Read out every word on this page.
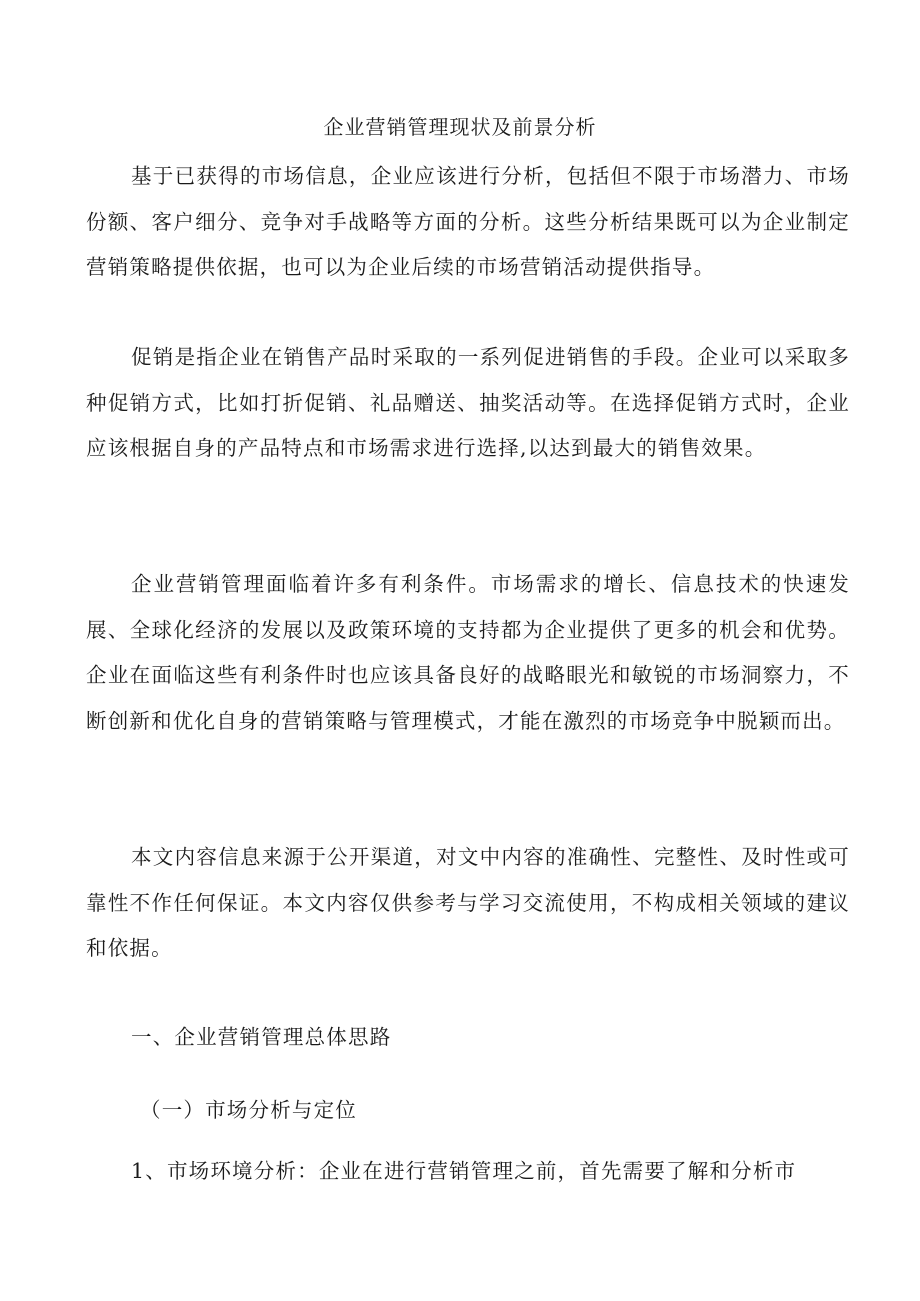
企业营销管理现状及前景分析

基于已获得的市场信息，企业应该进行分析，包括但不限于市场潜力、市场份额、客户细分、竞争对手战略等方面的分析。这些分析结果既可以为企业制定营销策略提供依据，也可以为企业后续的市场营销活动提供指导。

促销是指企业在销售产品时采取的一系列促进销售的手段。企业可以采取多种促销方式，比如打折促销、礼品赠送、抽奖活动等。在选择促销方式时，企业应该根据自身的产品特点和市场需求进行选择,以达到最大的销售效果。

企业营销管理面临着许多有利条件。市场需求的增长、信息技术的快速发展、全球化经济的发展以及政策环境的支持都为企业提供了更多的机会和优势。企业在面临这些有利条件时也应该具备良好的战略眼光和敏锐的市场洞察力，不断创新和优化自身的营销策略与管理模式，才能在激烈的市场竞争中脱颖而出。

本文内容信息来源于公开渠道，对文中内容的准确性、完整性、及时性或可靠性不作任何保证。本文内容仅供参考与学习交流使用，不构成相关领域的建议和依据。

一、企业营销管理总体思路
（一）市场分析与定位
1、市场环境分析：企业在进行营销管理之前，首先需要了解和分析市
